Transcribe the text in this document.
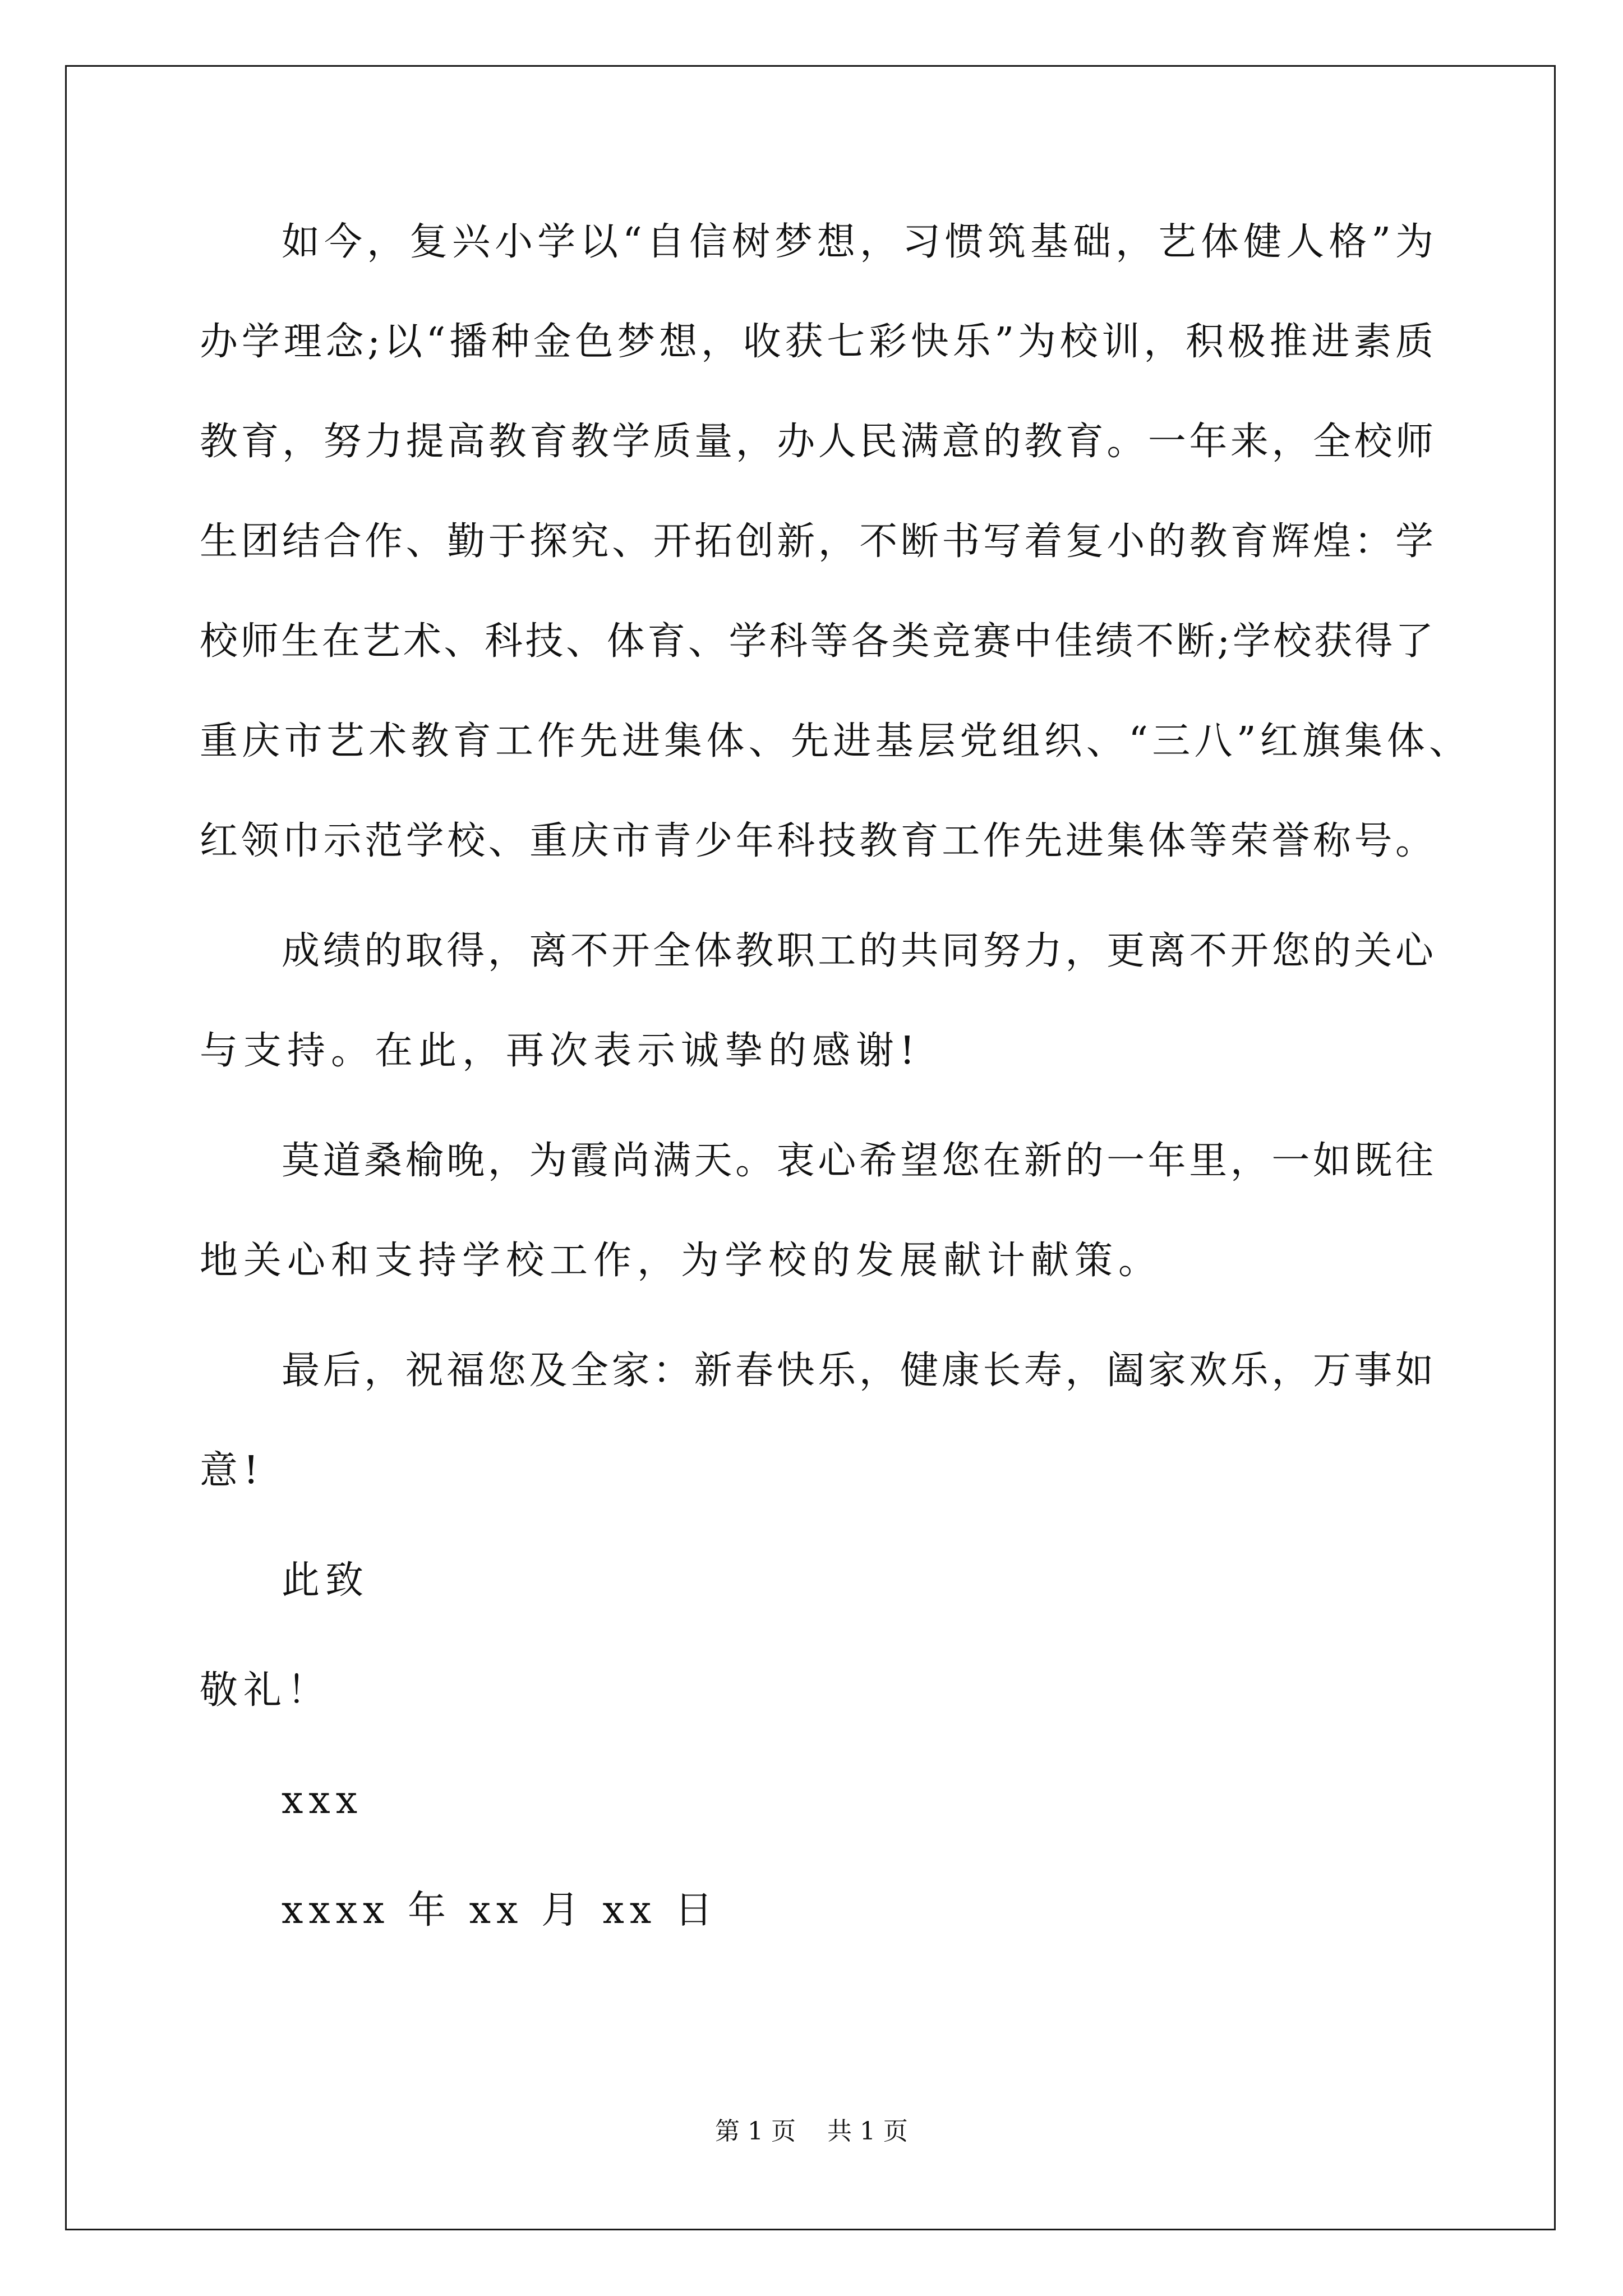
如今，复兴小学以“自信树梦想，习惯筑基础，艺体健人格”为
办学理念;以“播种金色梦想，收获七彩快乐”为校训，积极推进素质
教育，努力提高教育教学质量，办人民满意的教育。一年来，全校师
生团结合作、勤于探究、开拓创新，不断书写着复小的教育辉煌：学
校师生在艺术、科技、体育、学科等各类竞赛中佳绩不断;学校获得了
重庆市艺术教育工作先进集体、先进基层党组织、“三八”红旗集体、
红领巾示范学校、重庆市青少年科技教育工作先进集体等荣誉称号。
成绩的取得，离不开全体教职工的共同努力，更离不开您的关心
与支持。在此，再次表示诚挚的感谢!
莫道桑榆晚，为霞尚满天。衷心希望您在新的一年里，一如既往
地关心和支持学校工作，为学校的发展献计献策。
最后，祝福您及全家：新春快乐，健康长寿，阖家欢乐，万事如
意!
此致
敬礼！
xxx
xxxx 年 xx 月 xx 日
第 1 页    共 1 页
